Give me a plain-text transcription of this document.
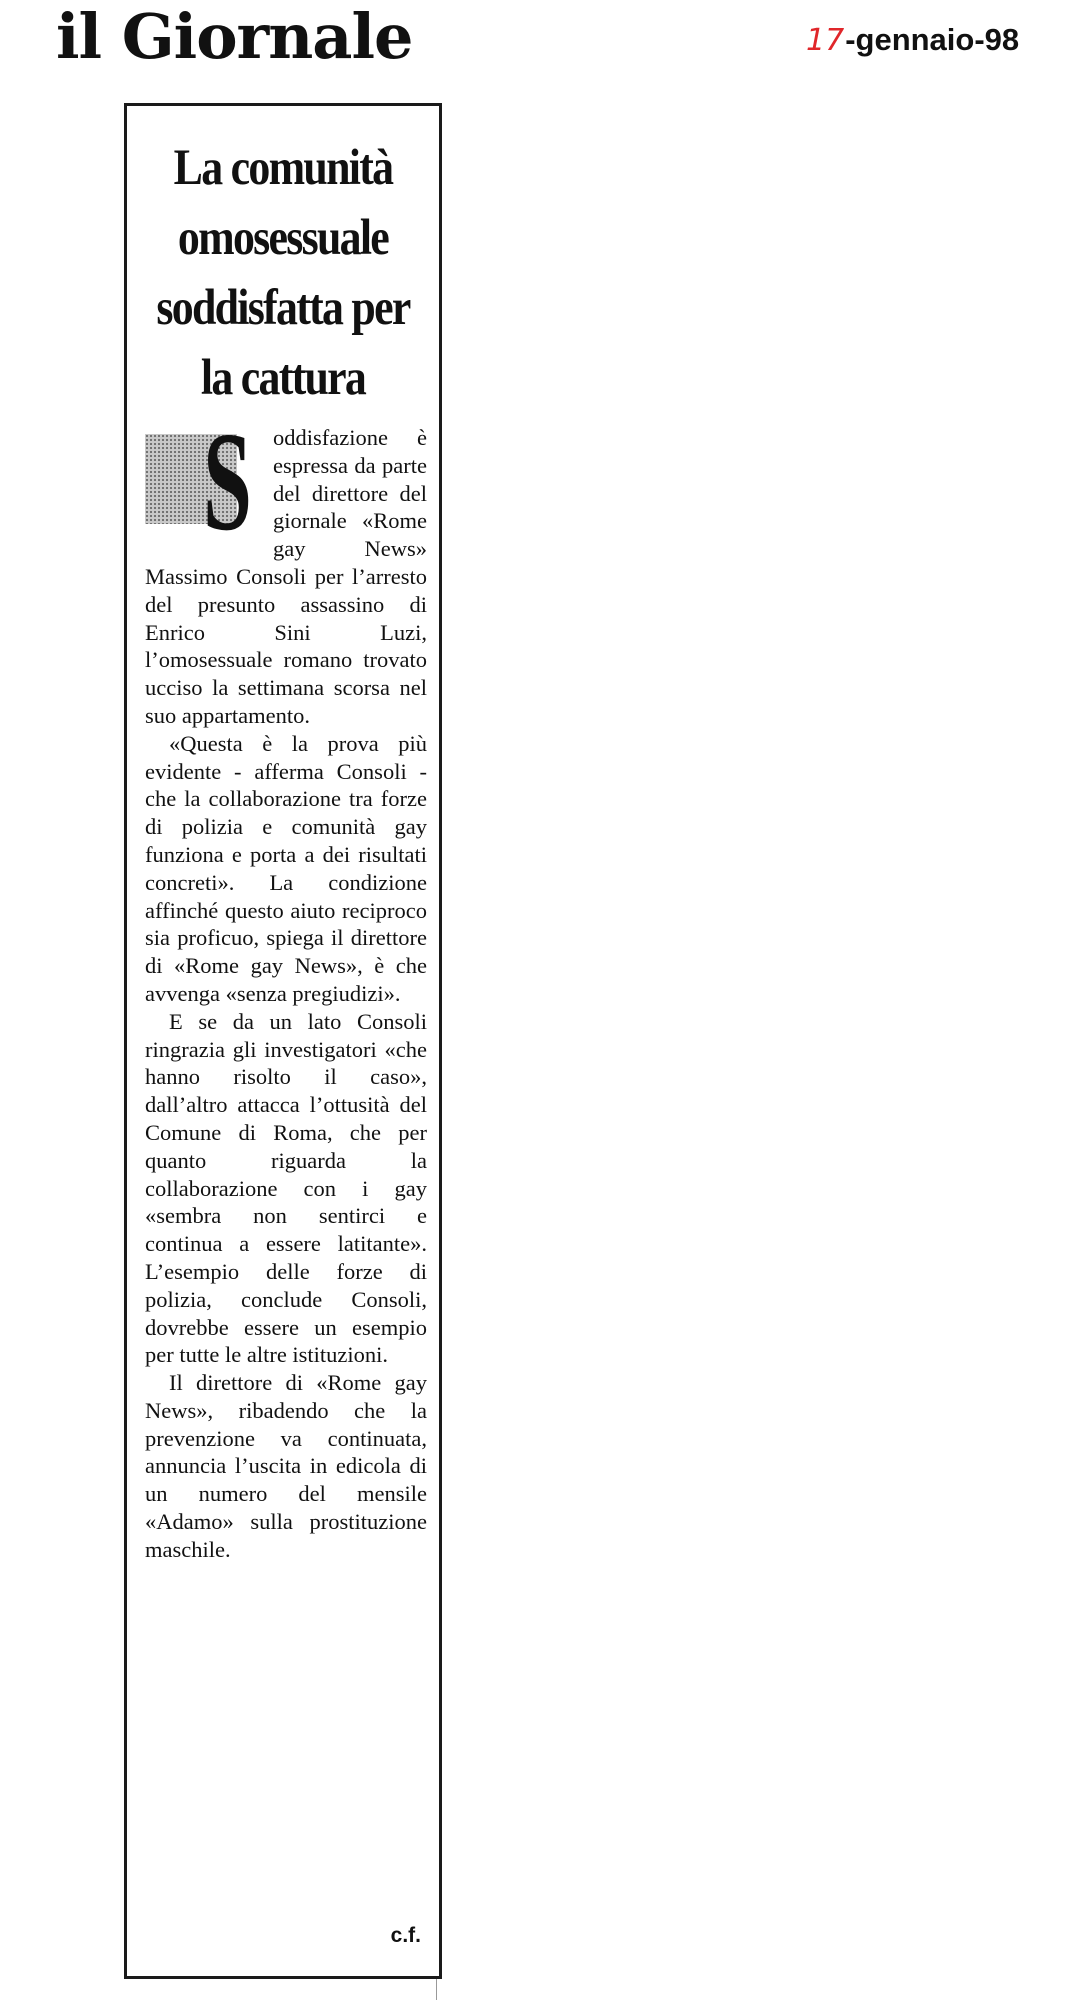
il Giornale	17-gennaio-98
La comunità omosessuale soddisfatta per la cattura

S oddisfazione è espressa da parte del direttore del giornale «Rome gay News» Massimo Consoli per l’arresto del presunto assassino di Enrico Sini Luzi, l’omosessuale romano trovato ucciso la settimana scorsa nel suo appartamento.

«Questa è la prova più evidente - afferma Consoli - che la collaborazione tra forze di polizia e comunità gay funziona e porta a dei risultati concreti». La condizione affinché questo aiuto reciproco sia proficuo, spiega il direttore di «Rome gay News», è che avvenga «senza pregiudizi».

E se da un lato Consoli ringrazia gli investigatori «che hanno risolto il caso», dall’altro attacca l’ottusità del Comune di Roma, che per quanto riguarda la collaborazione con i gay «sembra non sentirci e continua a essere latitante». L’esempio delle forze di polizia, conclude Consoli, dovrebbe essere un esempio per tutte le altre istituzioni.

Il direttore di «Rome gay News», ribadendo che la prevenzione va continuata, annuncia l’uscita in edicola di un numero del mensile «Adamo» sulla prostituzione maschile.

c.f.
